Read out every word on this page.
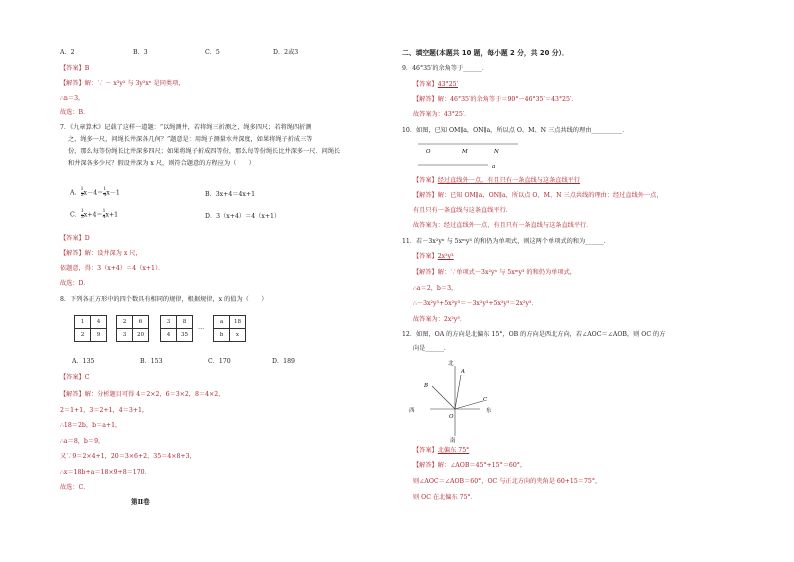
A．2	B．3	C．5	D．2或3
【答案】B
【解答】解：∵ － x³y² 与 3y²xⁿ 是同类项，
∴n＝3，
故选：B．
7．《九章算术》记载了这样一道题：“以绳测井，若将绳三折测之，绳多四尺；若将绳四折测
之，绳多一尺，问绳长井深各几何？”题意是：用绳子测量水井深度，如果将绳子折成三等
份，那么每等份绳长比井深多四尺；如果将绳子折成四等份，那么每等份绳长比井深多一尺．问绳长
和井深各多少尺？假设井深为 x 尺，则符合题意的方程应为（　　）
A． $\frac{1}{3} x-4= \frac{1}{4} x-1$	B．3x+4＝4x+1
C． $\frac{1}{3} x+4= \frac{1}{4} x+1$	D．3（x+4）＝4（x+1）
【答案】D
【解答】解：设井深为 x 尺，
依题意，得：3（x+4）＝4（x+1）．
故选：D．
8．下列各正方形中的四个数具有相同的规律，根据规律，x 的值为（　　）
1	4
2	9
2	6
3	20
3	8
4	35
…
a	18
b	x
A．135	B．153	C．170	D．189
【答案】C
【解答】解：分析题目可得 4＝2×2，6＝3×2，8＝4×2，
2＝1+1，3＝2+1，4＝3+1，
∴18＝2b，b＝a+1，
∴a＝8，b＝9，
又∵9＝2×4+1，20＝3×6+2，35＝4×8+3，
∴x＝18b+a＝18×9+8＝170．
故选：C．
第Ⅱ卷
二、填空题(本题共 10 题，每小题 2 分，共 20 分）．
9．46°35′的余角等于______．
【答案】43°25′
【解答】解：46°35′的余角等于＝90°－46°35′＝43°25′．
故答案为：43°25′．
10．如图，已知 OM∥a，ON∥a，所以点 O、M、N 三点共线的理由__________．
O	M	N
a
【答案】经过直线外一点，有且只有一条直线与这条直线平行
【解答】解：已知 OM∥a，ON∥a，所以点 O、M、N 三点共线的理由：经过直线外一点，
有且只有一条直线与这条直线平行．
故答案为：经过直线外一点，有且只有一条直线与这条直线平行．
11．若－3x²yⁿ 与 5xᵐy³ 的和仍为单项式，则这两个单项式的和为______．
【答案】2x²y³
【解答】解：∵单项式－3x²yⁿ 与 5xᵐy³ 的和仍为单项式，
∴a＝2，b＝3，
∴－3x²y³+5x²y³＝－3x²y³+5x²y³＝2x²y³．
故答案为：2x²y³．
12．如图，OA 的方向是北偏东 15°，OB 的方向是西北方向，若∠AOC＝∠AOB，则 OC 的方
向是______．
北
南
西	东
A
B
C
O
【答案】北偏东 75°
【解答】解：∠AOB＝45°+15°＝60°，
则∠AOC＝∠AOB＝60°，OC 与正北方向的夹角是 60+15＝75°，
则 OC 在北偏东 75°．
